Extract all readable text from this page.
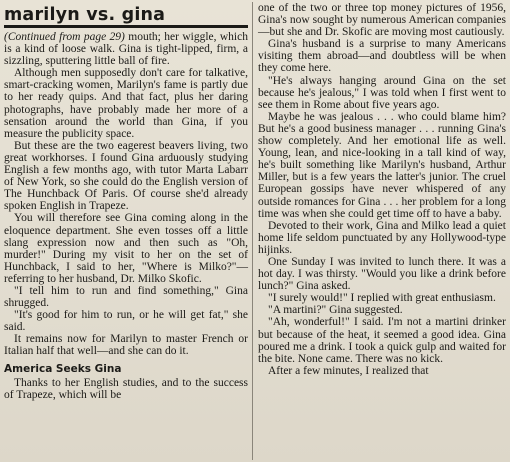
marilyn vs. gina

(Continued from page 29) mouth; her wiggle, which is a kind of loose walk. Gina is tight-lipped, firm, a sizzling, sputtering little ball of fire.

Although men supposedly don't care for talkative, smart-cracking women, Marilyn's fame is partly due to her ready quips. And that fact, plus her daring photographs, have probably made her more of a sensation around the world than Gina, if you measure the publicity space.

But these are the two eagerest beavers living, two great workhorses. I found Gina arduously studying English a few months ago, with tutor Marta Labarr of New York, so she could do the English version of The Hunchback Of Paris. Of course she'd already spoken English in Trapeze.

You will therefore see Gina coming along in the eloquence department. She even tosses off a little slang expression now and then such as "Oh, murder!" During my visit to her on the set of Hunchback, I said to her, "Where is Milko?"—referring to her husband, Dr. Milko Skofic.

"I tell him to run and find something," Gina shrugged.

"It's good for him to run, or he will get fat," she said.

It remains now for Marilyn to master French or Italian half that well—and she can do it.

America Seeks Gina

Thanks to her English studies, and to the success of Trapeze, which will be

one of the two or three top money pictures of 1956, Gina's now sought by numerous American companies—but she and Dr. Skofic are moving most cautiously.

Gina's husband is a surprise to many Americans visiting them abroad—and doubtless will be when they come here.

"He's always hanging around Gina on the set because he's jealous," I was told when I first went to see them in Rome about five years ago.

Maybe he was jealous . . . who could blame him? But he's a good business manager . . . running Gina's show completely. And her emotional life as well. Young, lean, and nice-looking in a tall kind of way, he's built something like Marilyn's husband, Arthur Miller, but is a few years the latter's junior. The cruel European gossips have never whispered of any outside romances for Gina . . . her problem for a long time was when she could get time off to have a baby.

Devoted to their work, Gina and Milko lead a quiet home life seldom punctuated by any Hollywood-type hijinks.

One Sunday I was invited to lunch there. It was a hot day. I was thirsty. "Would you like a drink before lunch?" Gina asked.

"I surely would!" I replied with great enthusiasm.

"A martini?" Gina suggested.

"Ah, wonderful!" I said. I'm not a martini drinker but because of the heat, it seemed a good idea. Gina poured me a drink. I took a quick gulp and waited for the bite. None came. There was no kick.

After a few minutes, I realized that
